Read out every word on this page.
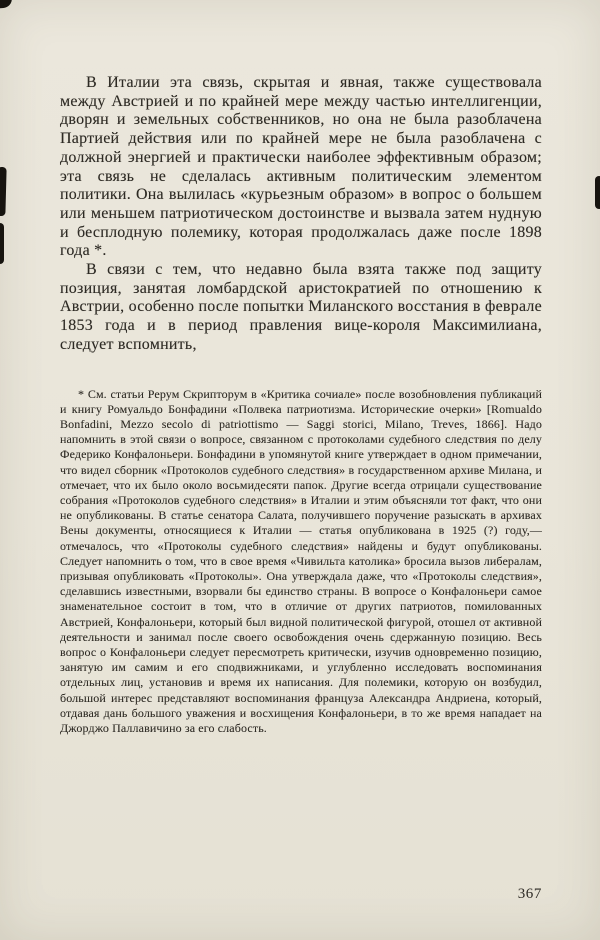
В Италии эта связь, скрытая и явная, также существовала между Австрией и по крайней мере между частью интеллигенции, дворян и земельных собственников, но она не была разоблачена Партией действия или по крайней мере не была разоблачена с должной энергией и практически наиболее эффективным образом; эта связь не сделалась активным политическим элементом политики. Она вылилась «курьезным образом» в вопрос о большем или меньшем патриотическом достоинстве и вызвала затем нудную и бесплодную полемику, которая продолжалась даже после 1898 года *.

В связи с тем, что недавно была взята также под защиту позиция, занятая ломбардской аристократией по отношению к Австрии, особенно после попытки Миланского восстания в феврале 1853 года и в период правления вице-короля Максимилиана, следует вспомнить,

* См. статьи Рерум Скрипторум в «Критика сочиале» после возобновления публикаций и книгу Ромуальдо Бонфадини «Полвека патриотизма. Исторические очерки» [Romualdo Bonfadini, Mezzo secolo di patriottismo — Saggi storici, Milano, Treves, 1866]. Надо напомнить в этой связи о вопросе, связанном с протоколами судебного следствия по делу Федерико Конфалоньери. Бонфадини в упомянутой книге утверждает в одном примечании, что видел сборник «Протоколов судебного следствия» в государственном архиве Милана, и отмечает, что их было около восьмидесяти папок. Другие всегда отрицали существование собрания «Протоколов судебного следствия» в Италии и этим объясняли тот факт, что они не опубликованы. В статье сенатора Салата, получившего поручение разыскать в архивах Вены документы, относящиеся к Италии — статья опубликована в 1925 (?) году,— отмечалось, что «Протоколы судебного следствия» найдены и будут опубликованы. Следует напомнить о том, что в свое время «Чивильта католика» бросила вызов либералам, призывая опубликовать «Протоколы». Она утверждала даже, что «Протоколы следствия», сделавшись известными, взорвали бы единство страны. В вопросе о Конфалоньери самое знаменательное состоит в том, что в отличие от других патриотов, помилованных Австрией, Конфалоньери, который был видной политической фигурой, отошел от активной деятельности и занимал после своего освобождения очень сдержанную позицию. Весь вопрос о Конфалоньери следует пересмотреть критически, изучив одновременно позицию, занятую им самим и его сподвижниками, и углубленно исследовать воспоминания отдельных лиц, установив и время их написания. Для полемики, которую он возбудил, большой интерес представляют воспоминания француза Александра Андриена, который, отдавая дань большого уважения и восхищения Конфалоньери, в то же время нападает на Джорджо Паллавичино за его слабость.
367
